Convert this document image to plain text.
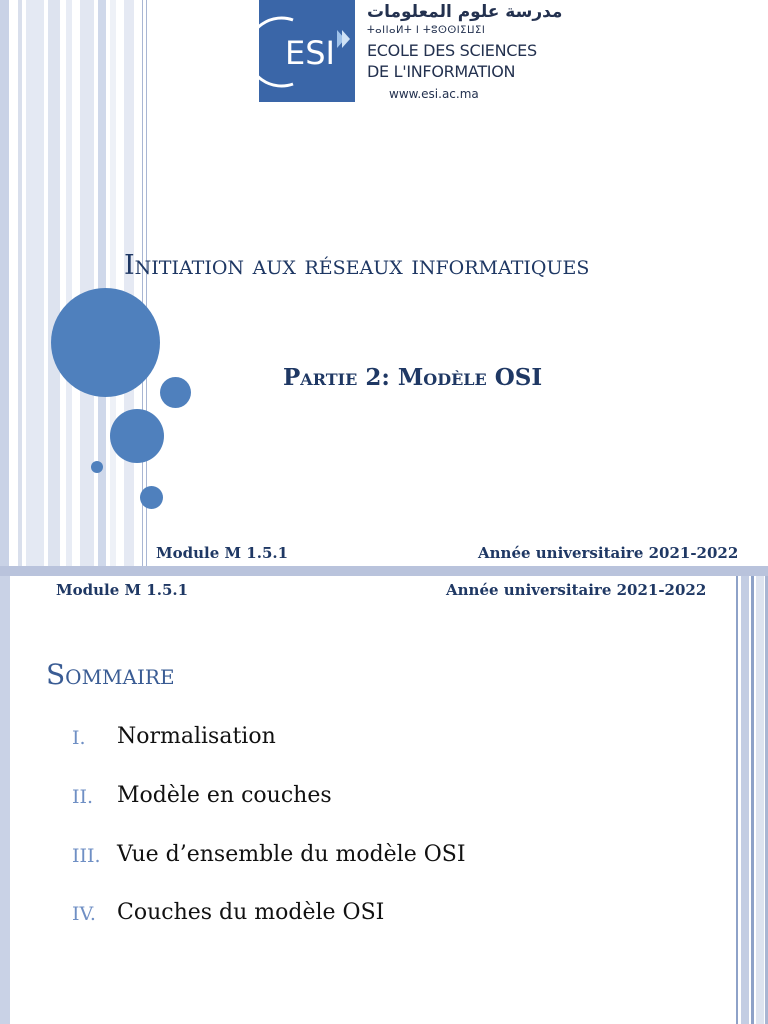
ESI
مدرسة علوم المعلومات
ⵜⴰⵏⵏⴰⵍⵜ ⵏ ⵜⵓⵙⵙⵏⵉⵡⵉⵏ
ECOLE DES SCIENCES
DE L'INFORMATION
www.esi.ac.ma
Initiation aux réseaux informatiques
Partie 2: Modèle OSI
Module M 1.5.1	Année universitaire 2021-2022
Module M 1.5.1	Année universitaire 2021-2022
Sommaire
I. Normalisation
II. Modèle en couches
III. Vue d’ensemble du modèle OSI
IV. Couches du modèle OSI
